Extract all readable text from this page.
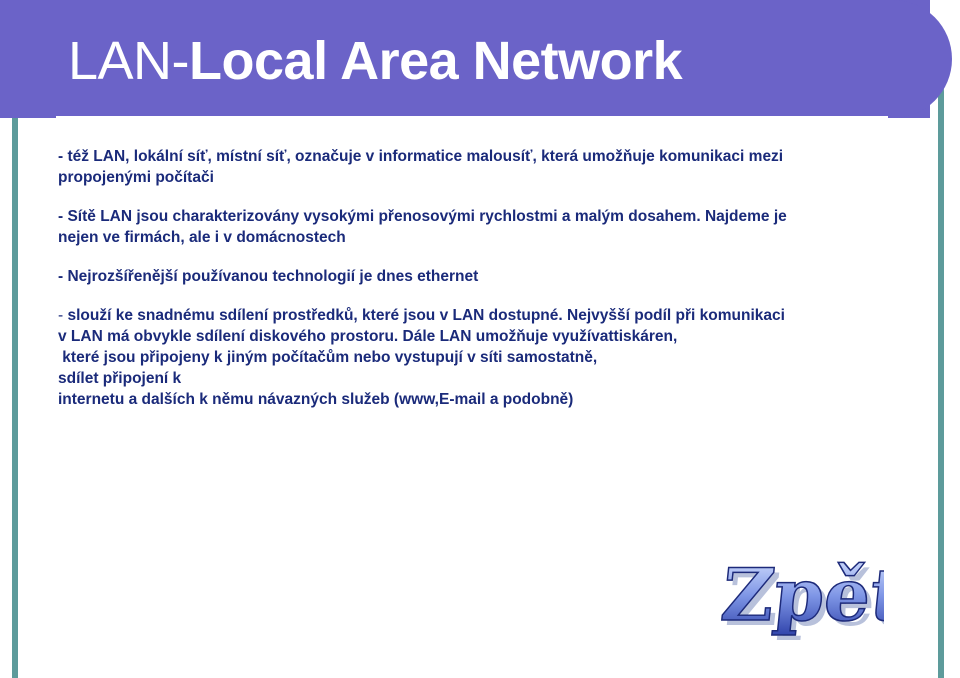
LAN-Local Area Network

- též LAN, lokální síť, místní síť, označuje v informatice malousíť, která umožňuje komunikaci mezi
propojenými počítači

- Sítě LAN jsou charakterizovány vysokými přenosovými rychlostmi a malým dosahem. Najdeme je
nejen ve firmách, ale i v domácnostech

- Nejrozšířenější používanou technologií je dnes ethernet

- slouží ke snadnému sdílení prostředků, které jsou v LAN dostupné. Nejvyšší podíl při komunikaci
v LAN má obvykle sdílení diskového prostoru. Dále LAN umožňuje využívattiskáren,
které jsou připojeny k jiným počítačům nebo vystupují v síti samostatně,
sdílet připojení k
internetu a dalších k němu návazných služeb (www,E-mail a podobně)

Zpět
Zpět
